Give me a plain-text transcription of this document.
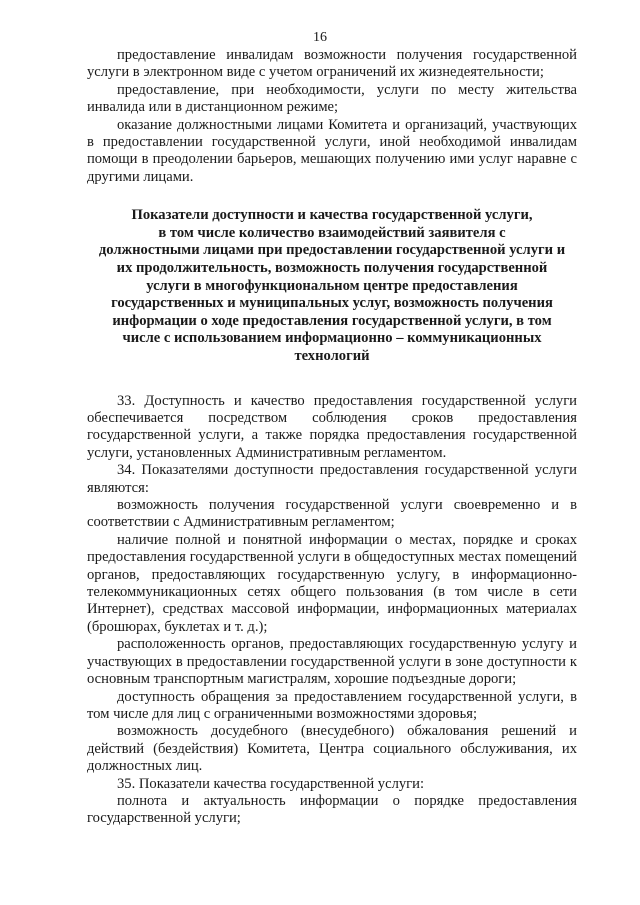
16

предоставление инвалидам возможности получения государственной услуги в электронном виде с учетом ограничений их жизнедеятельности;

предоставление, при необходимости, услуги по месту жительства инвалида или в дистанционном режиме;

оказание должностными лицами Комитета и организаций, участвующих в предоставлении государственной услуги, иной необходимой инвалидам помощи в преодолении барьеров, мешающих получению ими услуг наравне с другими лицами.

Показатели доступности и качества государственной услуги,
в том числе количество взаимодействий заявителя с
должностными лицами при предоставлении государственной услуги и
их продолжительность, возможность получения государственной
услуги в многофункциональном центре предоставления
государственных и муниципальных услуг, возможность получения
информации о ходе предоставления государственной услуги, в том
числе с использованием информационно – коммуникационных
технологий

33. Доступность и качество предоставления государственной услуги обеспечивается посредством соблюдения сроков предоставления государственной услуги, а также порядка предоставления государственной услуги, установленных Административным регламентом.

34. Показателями доступности предоставления государственной услуги являются:

возможность получения государственной услуги своевременно и в соответствии с Административным регламентом;

наличие полной и понятной информации о местах, порядке и сроках предоставления государственной услуги в общедоступных местах помещений органов, предоставляющих государственную услугу, в информационно-телекоммуникационных сетях общего пользования (в том числе в сети Интернет), средствах массовой информации, информационных материалах (брошюрах, буклетах и т. д.);

расположенность органов, предоставляющих государственную услугу и участвующих в предоставлении государственной услуги в зоне доступности к основным транспортным магистралям, хорошие подъездные дороги;

доступность обращения за предоставлением государственной услуги, в том числе для лиц с ограниченными возможностями здоровья;

возможность досудебного (внесудебного) обжалования решений и действий (бездействия) Комитета, Центра социального обслуживания, их должностных лиц.

35. Показатели качества государственной услуги:

полнота и актуальность информации о порядке предоставления государственной услуги;
